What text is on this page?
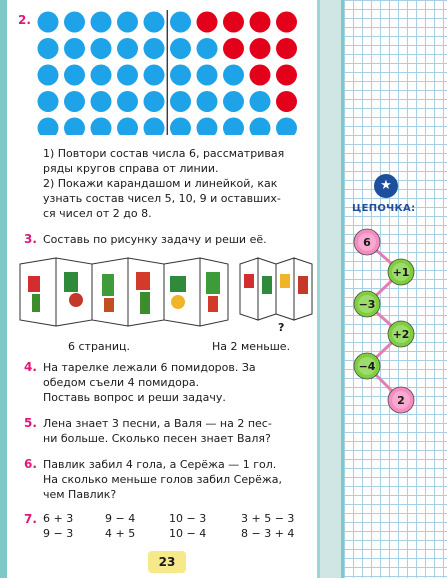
2.
1) Повтори состав числа 6, рассматривая
ряды кругов справа от линии.
2) Покажи карандашом и линейкой, как
узнать состав чисел 5, 10, 9 и оставших-
ся чисел от 2 до 8.
3. Составь по рисунку задачу и реши её.
?
6 страниц.	На 2 меньше.
4. На тарелке лежали 6 помидоров. За
обедом съели 4 помидора.
Поставь вопрос и реши задачу.
5. Лена знает 3 песни, а Валя — на 2 пес-
ни больше. Сколько песен знает Валя?
6. Павлик забил 4 гола, а Серёжа — 1 гол.
На сколько меньше голов забил Серёжа,
чем Павлик?
7. 6 + 3	9 − 4	10 − 3	3 + 5 − 3
9 − 3	4 + 5	10 − 4	8 − 3 + 4
23
★
ЦЕПОЧКА:
6
+1
−3
+2
−4
2
